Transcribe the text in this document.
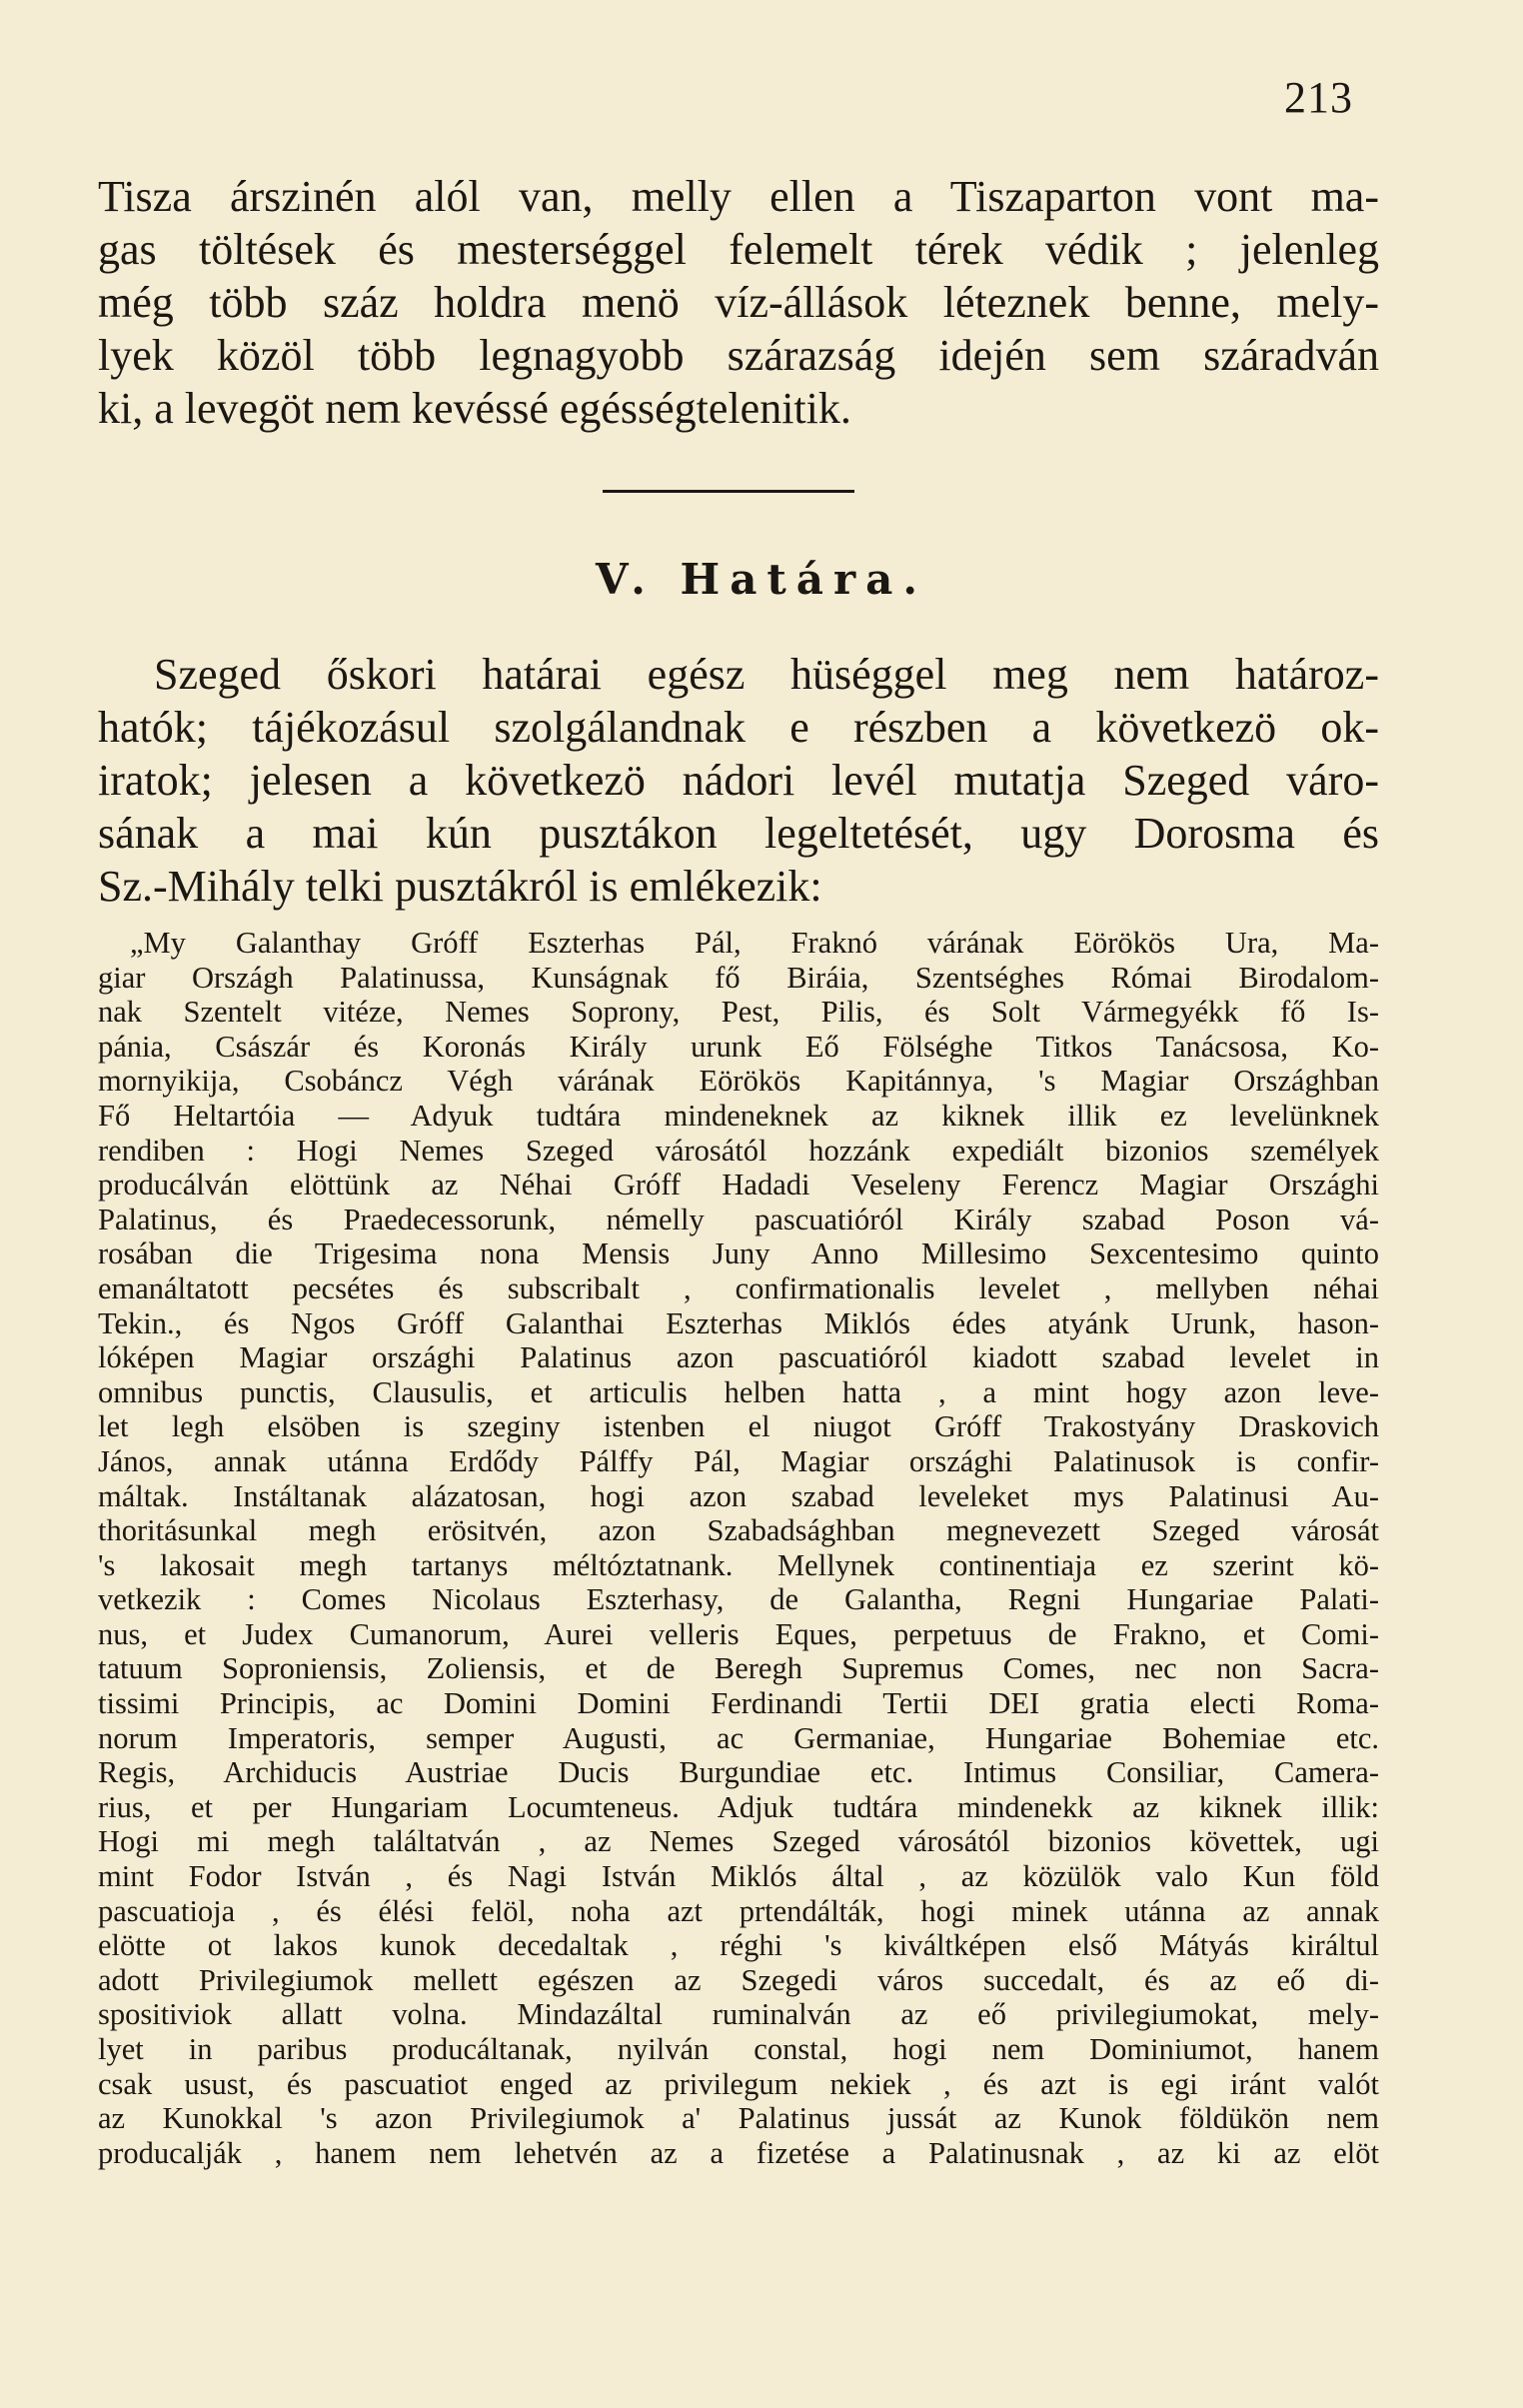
213
Tisza árszinén alól van, melly ellen a Tiszaparton vont ma-
gas töltések és mesterséggel felemelt térek védik ; jelenleg
még több száz holdra menö víz-állások léteznek benne, mely-
lyek közöl több legnagyobb szárazság idején sem száradván
ki, a levegöt nem kevéssé egésségtelenitik.
V. Határa.
Szeged őskori határai egész hüséggel meg nem határoz-
hatók; tájékozásul szolgálandnak e részben a következö ok-
iratok; jelesen a következö nádori levél mutatja Szeged váro-
sának a mai kún pusztákon legeltetését, ugy Dorosma és
Sz.-Mihály telki pusztákról is emlékezik:
„My Galanthay Gróff Eszterhas Pál, Fraknó várának Eörökös Ura, Ma-
giar Országh Palatinussa, Kunságnak fő Biráia, Szentséghes Római Birodalom-
nak Szentelt vitéze, Nemes Soprony, Pest, Pilis, és Solt Vármegyékk fő Is-
pánia, Császár és Koronás Király urunk Eő Fölséghe Titkos Tanácsosa, Ko-
mornyikija, Csobáncz Végh várának Eörökös Kapitánnya, 's Magiar Országhban
Fő Heltartóia — Adyuk tudtára mindeneknek az kiknek illik ez levelünknek
rendiben : Hogi Nemes Szeged városától hozzánk expediált bizonios személyek
producálván elöttünk az Néhai Gróff Hadadi Veseleny Ferencz Magiar Országhi
Palatinus, és Praedecessorunk, némelly pascuatióról Király szabad Poson vá-
rosában die Trigesima nona Mensis Juny Anno Millesimo Sexcentesimo quinto
emanáltatott pecsétes és subscribalt , confirmationalis levelet , mellyben néhai
Tekin., és Ngos Gróff Galanthai Eszterhas Miklós édes atyánk Urunk, hason-
lóképen Magiar országhi Palatinus azon pascuatióról kiadott szabad levelet in
omnibus punctis, Clausulis, et articulis helben hatta , a mint hogy azon leve-
let legh elsöben is szeginy istenben el niugot Gróff Trakostyány Draskovich
János, annak utánna Erdődy Pálffy Pál, Magiar országhi Palatinusok is confir-
máltak. Instáltanak alázatosan, hogi azon szabad leveleket mys Palatinusi Au-
thoritásunkal megh erösitvén, azon Szabadsághban megnevezett Szeged városát
's lakosait megh tartanys méltóztatnank. Mellynek continentiaja ez szerint kö-
vetkezik : Comes Nicolaus Eszterhasy, de Galantha, Regni Hungariae Palati-
nus, et Judex Cumanorum, Aurei velleris Eques, perpetuus de Frakno, et Comi-
tatuum Soproniensis, Zoliensis, et de Beregh Supremus Comes, nec non Sacra-
tissimi Principis, ac Domini Domini Ferdinandi Tertii DEI gratia electi Roma-
norum Imperatoris, semper Augusti, ac Germaniae, Hungariae Bohemiae etc.
Regis, Archiducis Austriae Ducis Burgundiae etc. Intimus Consiliar, Camera-
rius, et per Hungariam Locumteneus. Adjuk tudtára mindenekk az kiknek illik:
Hogi mi megh találtatván , az Nemes Szeged városától bizonios követtek, ugi
mint Fodor István , és Nagi István Miklós által , az közülök valo Kun föld
pascuatioja , és élési felöl, noha azt prtendálták, hogi minek utánna az annak
elötte ot lakos kunok decedaltak , réghi 's kiváltképen első Mátyás királtul
adott Privilegiumok mellett egészen az Szegedi város succedalt, és az eő di-
spositiviok allatt volna. Mindazáltal ruminalván az eő privilegiumokat, mely-
lyet in paribus producáltanak, nyilván constal, hogi nem Dominiumot, hanem
csak usust, és pascuatiot enged az privilegum nekiek , és azt is egi iránt valót
az Kunokkal 's azon Privilegiumok a' Palatinus jussát az Kunok földükön nem
producalják , hanem nem lehetvén az a fizetése a Palatinusnak , az ki az elöt
